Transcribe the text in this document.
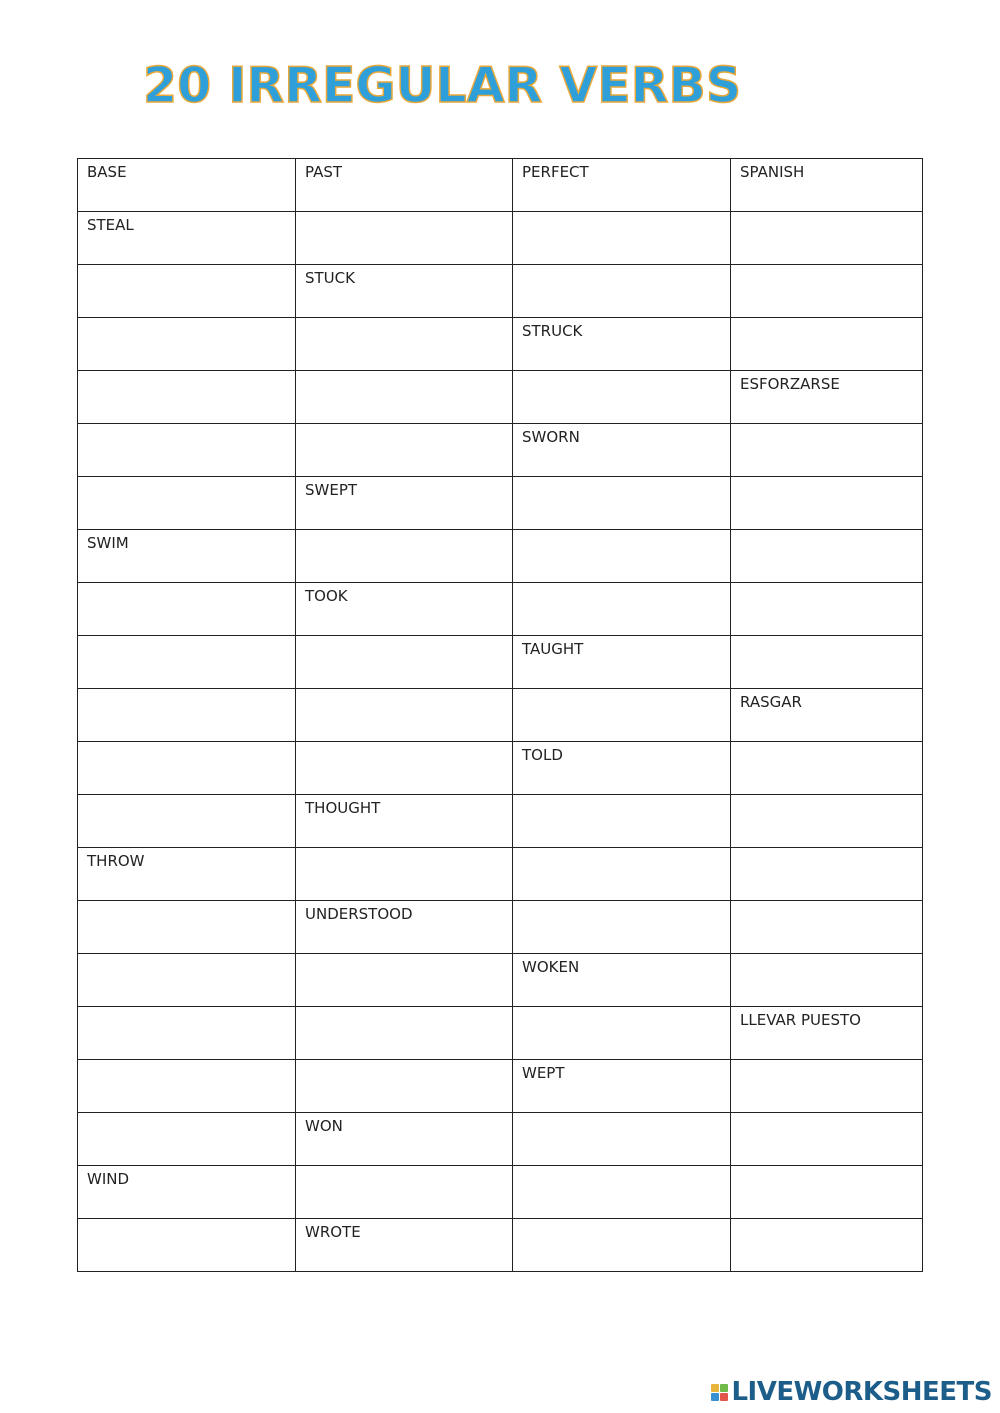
20 IRREGULAR VERBS
BASE	PAST	PERFECT	SPANISH
STEAL			
	STUCK		
		STRUCK	
			ESFORZARSE
		SWORN	
	SWEPT		
SWIM			
	TOOK		
		TAUGHT	
			RASGAR
		TOLD	
	THOUGHT		
THROW			
	UNDERSTOOD		
		WOKEN	
			LLEVAR PUESTO
		WEPT	
	WON		
WIND			
	WROTE		
LIVEWORKSHEETS
